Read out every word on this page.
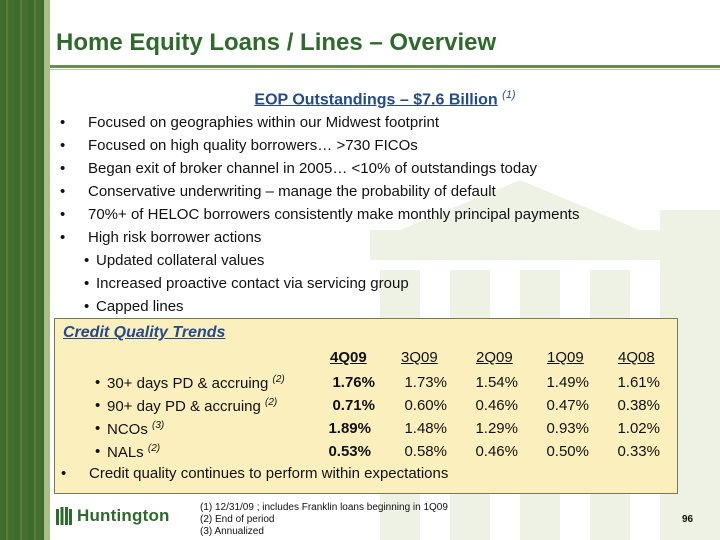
Home Equity Loans / Lines – Overview
EOP Outstandings – $7.6 Billion $^{(1)}$
•	Focused on geographies within our Midwest footprint
•	Focused on high quality borrowers… >730 FICOs
•	Began exit of broker channel in 2005… <10% of outstandings today
•	Conservative underwriting – manage the probability of default
•	70%+ of HELOC borrowers consistently make monthly principal payments
•	High risk borrower actions
• Updated collateral values
• Increased proactive contact via servicing group
• Capped lines
Credit Quality Trends
4Q09 3Q09	2Q09 1Q09 4Q08
• 30+ days PD & accruing $^{(2)}$	1.76%	1.73%	1.54%	1.49%	1.61%
• 90+ day PD & accruing $^{(2)}$	0.71%	0.60%	0.46%	0.47%	0.38%
• NCOs $^{(3)}$	1.89%	1.48%	1.29%	0.93%	1.02%
• NALs $^{(2)}$	0.53%	0.58%	0.46%	0.50%	0.33%
• Credit quality continues to perform within expectations
Huntington	(1) 12/31/09 ; includes Franklin loans beginning in 1Q09
(2) End of period
(3) Annualized
96
